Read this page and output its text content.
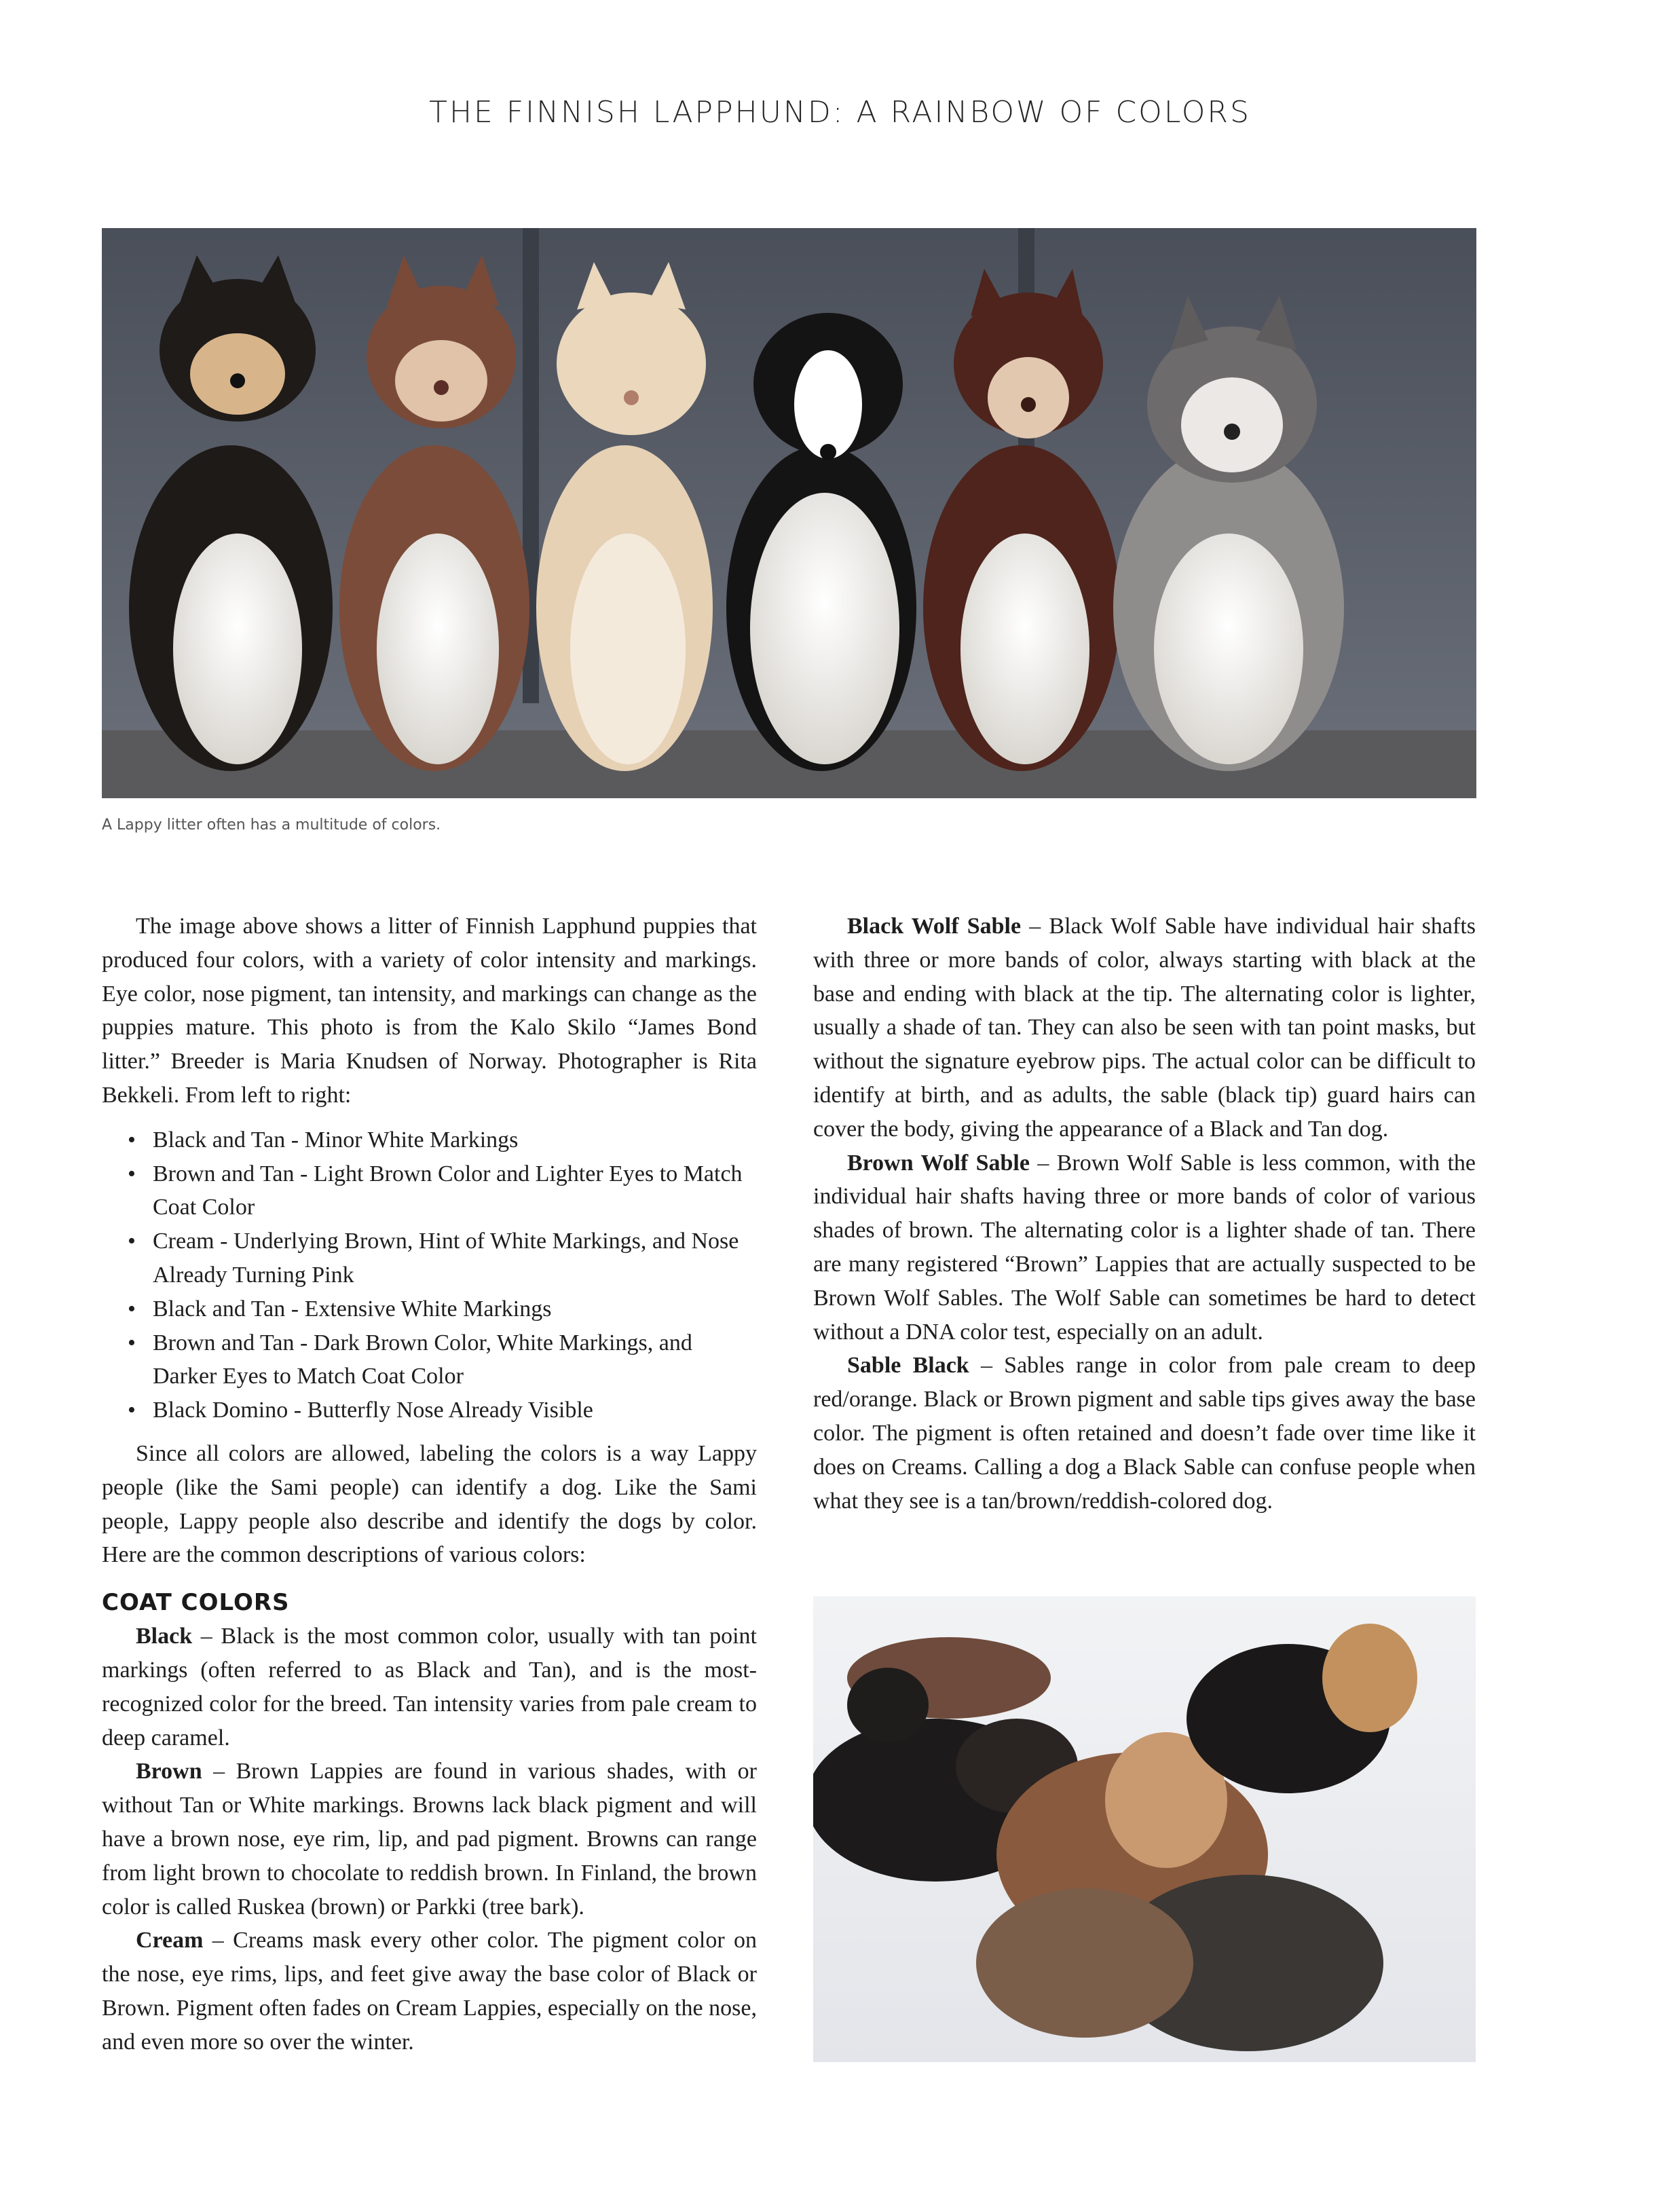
THE FINNISH LAPPHUND: A RAINBOW OF COLORS
A Lappy litter often has a multitude of colors.

The image above shows a litter of Finnish Lapphund puppies that produced four colors, with a variety of color intensity and markings. Eye color, nose pigment, tan intensity, and markings can change as the puppies mature. This photo is from the Kalo Skilo “James Bond litter.” Breeder is Maria Knudsen of Norway. Photographer is Rita Bekkeli. From left to right:

• Black and Tan - Minor White Markings
• Brown and Tan - Light Brown Color and Lighter Eyes to Match Coat Color
• Cream - Underlying Brown, Hint of White Markings, and Nose Already Turning Pink
• Black and Tan - Extensive White Markings
• Brown and Tan - Dark Brown Color, White Markings, and Darker Eyes to Match Coat Color
• Black Domino - Butterfly Nose Already Visible

Since all colors are allowed, labeling the colors is a way Lappy people (like the Sami people) can identify a dog. Like the Sami people, Lappy people also describe and identify the dogs by color. Here are the common descriptions of various colors:

COAT COLORS

Black – Black is the most common color, usually with tan point markings (often referred to as Black and Tan), and is the most-recognized color for the breed. Tan intensity varies from pale cream to deep caramel.

Brown – Brown Lappies are found in various shades, with or without Tan or White markings. Browns lack black pigment and will have a brown nose, eye rim, lip, and pad pigment. Browns can range from light brown to chocolate to reddish brown. In Finland, the brown color is called Ruskea (brown) or Parkki (tree bark).

Cream – Creams mask every other color. The pigment color on the nose, eye rims, lips, and feet give away the base color of Black or Brown. Pigment often fades on Cream Lappies, especially on the nose, and even more so over the winter.

Black Wolf Sable – Black Wolf Sable have individual hair shafts with three or more bands of color, always starting with black at the base and ending with black at the tip. The alternating color is lighter, usually a shade of tan. They can also be seen with tan point masks, but without the signature eyebrow pips. The actual color can be difficult to identify at birth, and as adults, the sable (black tip) guard hairs can cover the body, giving the appearance of a Black and Tan dog.

Brown Wolf Sable – Brown Wolf Sable is less common, with the individual hair shafts having three or more bands of color of various shades of brown. The alternating color is a lighter shade of tan. There are many registered “Brown” Lappies that are actually suspected to be Brown Wolf Sables. The Wolf Sable can sometimes be hard to detect without a DNA color test, especially on an adult.

Sable Black – Sables range in color from pale cream to deep red/orange. Black or Brown pigment and sable tips gives away the base color. The pigment is often retained and doesn’t fade over time like it does on Creams. Calling a dog a Black Sable can confuse people when what they see is a tan/brown/reddish-colored dog.
